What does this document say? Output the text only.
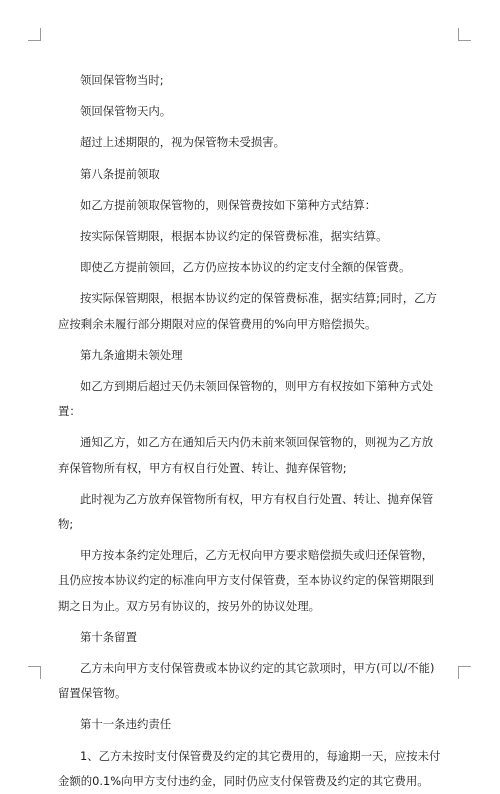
领回保管物当时;

领回保管物天内。

超过上述期限的，视为保管物未受损害。

第八条提前领取

如乙方提前领取保管物的，则保管费按如下第种方式结算：

按实际保管期限，根据本协议约定的保管费标准，据实结算。

即使乙方提前领回，乙方仍应按本协议的约定支付全额的保管费。

按实际保管期限，根据本协议约定的保管费标准，据实结算;同时，乙方应按剩余未履行部分期限对应的保管费用的%向甲方赔偿损失。

第九条逾期未领处理

如乙方到期后超过天仍未领回保管物的，则甲方有权按如下第种方式处置：

通知乙方，如乙方在通知后天内仍未前来领回保管物的，则视为乙方放弃保管物所有权，甲方有权自行处置、转让、抛弃保管物;

此时视为乙方放弃保管物所有权，甲方有权自行处置、转让、抛弃保管物;

甲方按本条约定处理后，乙方无权向甲方要求赔偿损失或归还保管物，且仍应按本协议约定的标准向甲方支付保管费，至本协议约定的保管期限到期之日为止。双方另有协议的，按另外的协议处理。

第十条留置

乙方未向甲方支付保管费或本协议约定的其它款项时，甲方(可以/不能)留置保管物。

第十一条违约责任

1、乙方未按时支付保管费及约定的其它费用的，每逾期一天，应按未付金额的0.1%向甲方支付违约金，同时仍应支付保管费及约定的其它费用。
